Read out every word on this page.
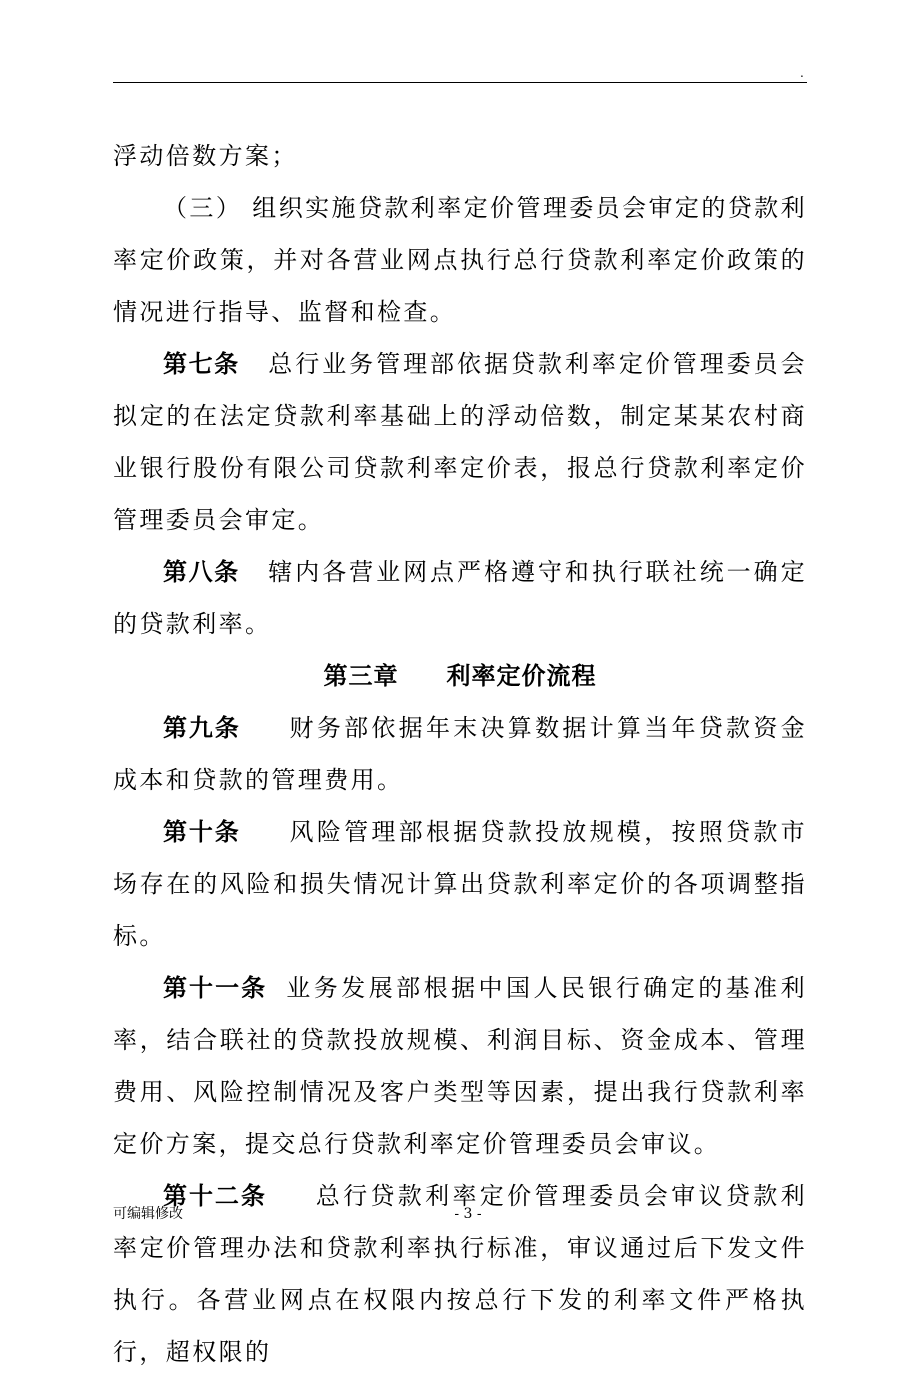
.

浮动倍数方案；

（三） 组织实施贷款利率定价管理委员会审定的贷款利率定价政策，并对各营业网点执行总行贷款利率定价政策的情况进行指导、监督和检查。

第七条 总行业务管理部依据贷款利率定价管理委员会拟定的在法定贷款利率基础上的浮动倍数，制定某某农村商业银行股份有限公司贷款利率定价表，报总行贷款利率定价管理委员会审定。

第八条 辖内各营业网点严格遵守和执行联社统一确定的贷款利率。

第三章 利率定价流程

第九条 财务部依据年末决算数据计算当年贷款资金成本和贷款的管理费用。

第十条 风险管理部根据贷款投放规模，按照贷款市场存在的风险和损失情况计算出贷款利率定价的各项调整指标。

第十一条 业务发展部根据中国人民银行确定的基准利率，结合联社的贷款投放规模、利润目标、资金成本、管理费用、风险控制情况及客户类型等因素，提出我行贷款利率定价方案，提交总行贷款利率定价管理委员会审议。

第十二条 总行贷款利率定价管理委员会审议贷款利率定价管理办法和贷款利率执行标准，审议通过后下发文件执行。各营业网点在权限内按总行下发的利率文件严格执行，超权限的

可编辑修改	- 3 -
